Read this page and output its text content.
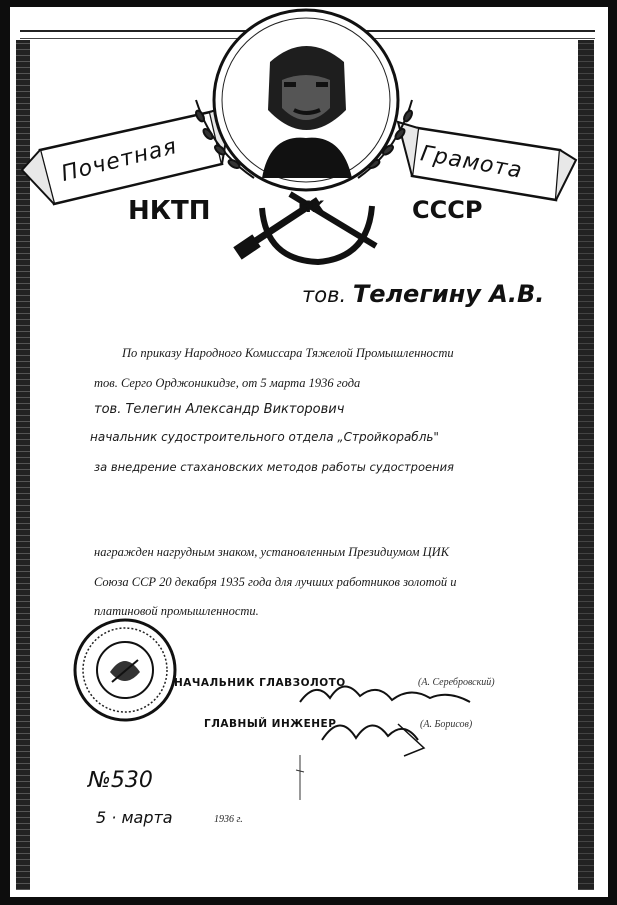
НК
Почетная	Грамота
НКТП	СССР
тов. Телегину А.В.
По приказу Народного Комиссара Тяжелой Промышленности
тов. Серго Орджоникидзе, от 5 марта 1936 года
тов. Телегин Александр Викторович
начальник судостроительного отдела „Стройкорабль"
за внедрение стахановских методов работы судостроения
награжден нагрудным знаком, установленным Президиумом ЦИК
Союза ССР 20 декабря 1935 года для лучших работников золотой и
платиновой промышленности.
НАЧАЛЬНИК ГЛАВЗОЛОТО	(А. Серебровский)
ГЛАВНЫЙ ИНЖЕНЕР	(А. Борисов)
№530
5 · марта	1936 г.
